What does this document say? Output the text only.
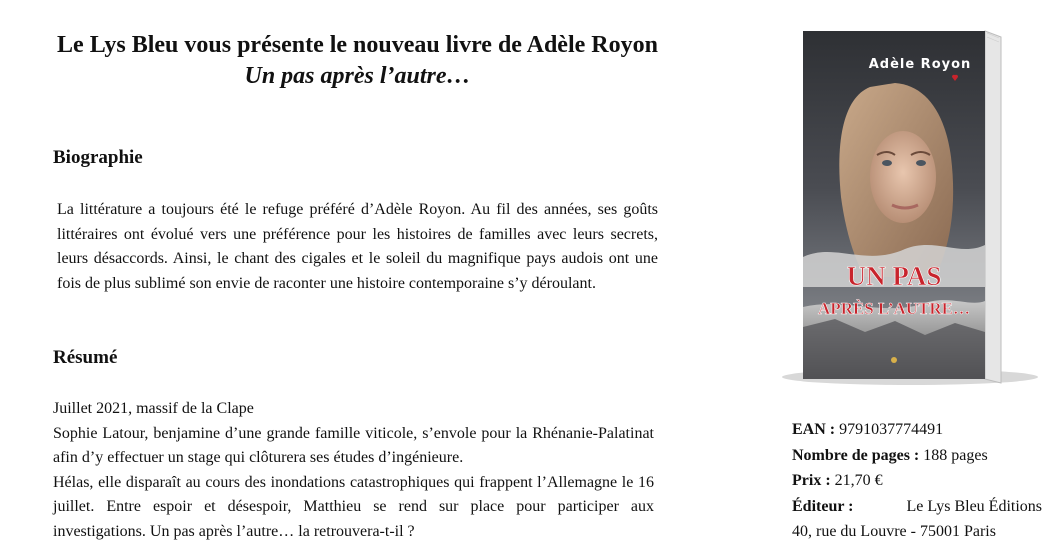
Le Lys Bleu vous présente le nouveau livre de Adèle Royon
Un pas après l’autre…
Biographie

La littérature a toujours été le refuge préféré d’Adèle Royon. Au fil des années, ses goûts littéraires ont évolué vers une préférence pour les histoires de familles avec leurs secrets, leurs désaccords. Ainsi, le chant des cigales et le soleil du magnifique pays audois ont une fois de plus sublimé son envie de raconter une histoire contemporaine s’y déroulant.

Résumé

Juillet 2021, massif de la Clape

Sophie Latour, benjamine d’une grande famille viticole, s’envole pour la Rhénanie-Palatinat afin d’y effectuer un stage qui clôturera ses études d’ingénieure.

Hélas, elle disparaît au cours des inondations catastrophiques qui frappent l’Allemagne le 16 juillet. Entre espoir et désespoir, Matthieu se rend sur place pour participer aux investigations. Un pas après l’autre… la retrouvera-t-il ?

Adèle Royon
UN PAS
APRÈS L’AUTRE…
EAN : 9791037774491
Nombre de pages : 188 pages
Prix : 21,70 €
Éditeur :	Le Lys Bleu Éditions
40, rue du Louvre - 75001 Paris
